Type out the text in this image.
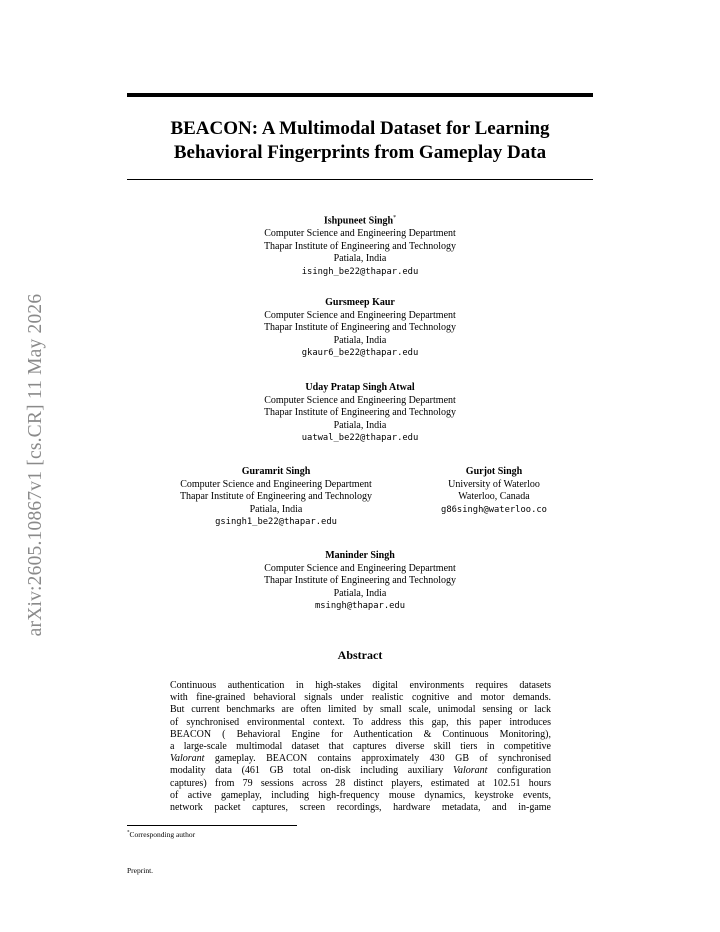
arXiv:2605.10867v1 [cs.CR] 11 May 2026
BEACON: A Multimodal Dataset for Learning
Behavioral Fingerprints from Gameplay Data
Ishpuneet Singh*
Computer Science and Engineering Department
Thapar Institute of Engineering and Technology
Patiala, India
isingh_be22@thapar.edu
Gursmeep Kaur
Computer Science and Engineering Department
Thapar Institute of Engineering and Technology
Patiala, India
gkaur6_be22@thapar.edu
Uday Pratap Singh Atwal
Computer Science and Engineering Department
Thapar Institute of Engineering and Technology
Patiala, India
uatwal_be22@thapar.edu
Guramrit Singh
Computer Science and Engineering Department
Thapar Institute of Engineering and Technology
Patiala, India
gsingh1_be22@thapar.edu
Gurjot Singh
University of Waterloo
Waterloo, Canada
g86singh@waterloo.co
Maninder Singh
Computer Science and Engineering Department
Thapar Institute of Engineering and Technology
Patiala, India
msingh@thapar.edu
Abstract
Continuous authentication in high-stakes digital environments requires datasets
with fine-grained behavioral signals under realistic cognitive and motor demands.
But current benchmarks are often limited by small scale, unimodal sensing or lack
of synchronised environmental context. To address this gap, this paper introduces
BEACON ( Behavioral Engine for Authentication & Continuous Monitoring),
a large-scale multimodal dataset that captures diverse skill tiers in competitive
Valorant gameplay. BEACON contains approximately 430 GB of synchronised
modality data (461 GB total on-disk including auxiliary Valorant configuration
captures) from 79 sessions across 28 distinct players, estimated at 102.51 hours
of active gameplay, including high-frequency mouse dynamics, keystroke events,
network packet captures, screen recordings, hardware metadata, and in-game
*Corresponding author
Preprint.
